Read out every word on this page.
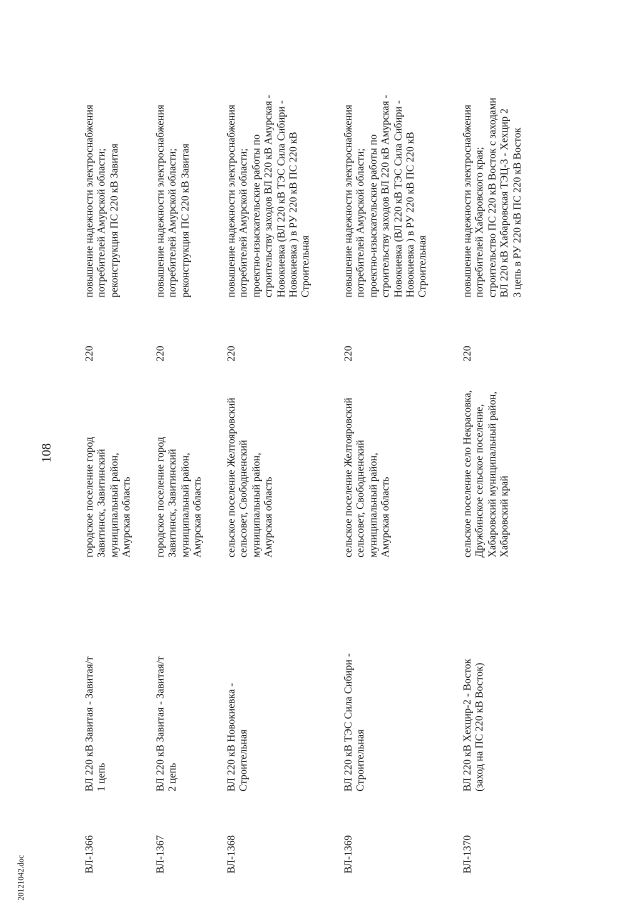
108
20121042.doc
ВЛ-1366
ВЛ 220 кВ Завитая - Завитая/т 1 цепь
городское поселение город Завитинск, Завитинский муниципальный район, Амурская область
220
повышение надежности электроснабжения потребителей Амурской области; реконструкция ПС 220 кВ Завитая
ВЛ-1367
ВЛ 220 кВ Завитая - Завитая/т 2 цепь
городское поселение город Завитинск, Завитинский муниципальный район, Амурская область
220
повышение надежности электроснабжения потребителей Амурской области; реконструкция ПС 220 кВ Завитая
ВЛ-1368
ВЛ 220 кВ Новокиевка - Строительная
сельское поселение Желтояровский сельсовет, Свободненский муниципальный район, Амурская область
220
повышение надежности электроснабжения потребителей Амурской области; проектно-изыскательские работы по строительству заходов ВЛ 220 кВ Амурская - Новокиевка (ВЛ 220 кВ ТЭС Сила Сибири - Новокиевка ) в РУ 220 кВ ПС 220 кВ Строительная
ВЛ-1369
ВЛ 220 кВ ТЭС Сила Сибири - Строительная
сельское поселение Желтояровский сельсовет, Свободненский муниципальный район, Амурская область
220
повышение надежности электроснабжения потребителей Амурской области; проектно-изыскательские работы по строительству заходов ВЛ 220 кВ Амурская - Новокиевка (ВЛ 220 кВ ТЭС Сила Сибири - Новокиевка ) в РУ 220 кВ ПС 220 кВ Строительная
ВЛ-1370
ВЛ 220 кВ Хехцир-2 - Восток (заход на ПС 220 кВ Восток)
сельское поселение село Некрасовка, Дружбинское сельское поселение, Хабаровский муниципальный район, Хабаровский край
220
повышение надежности электроснабжения потребителей Хабаровского края; строительство ПС 220 кВ Восток с заходами ВЛ 220 кВ Хабаровская ТЭЦ-3 - Хехцир 2 3 цепь в РУ 220 кВ ПС 220 кВ Восток
